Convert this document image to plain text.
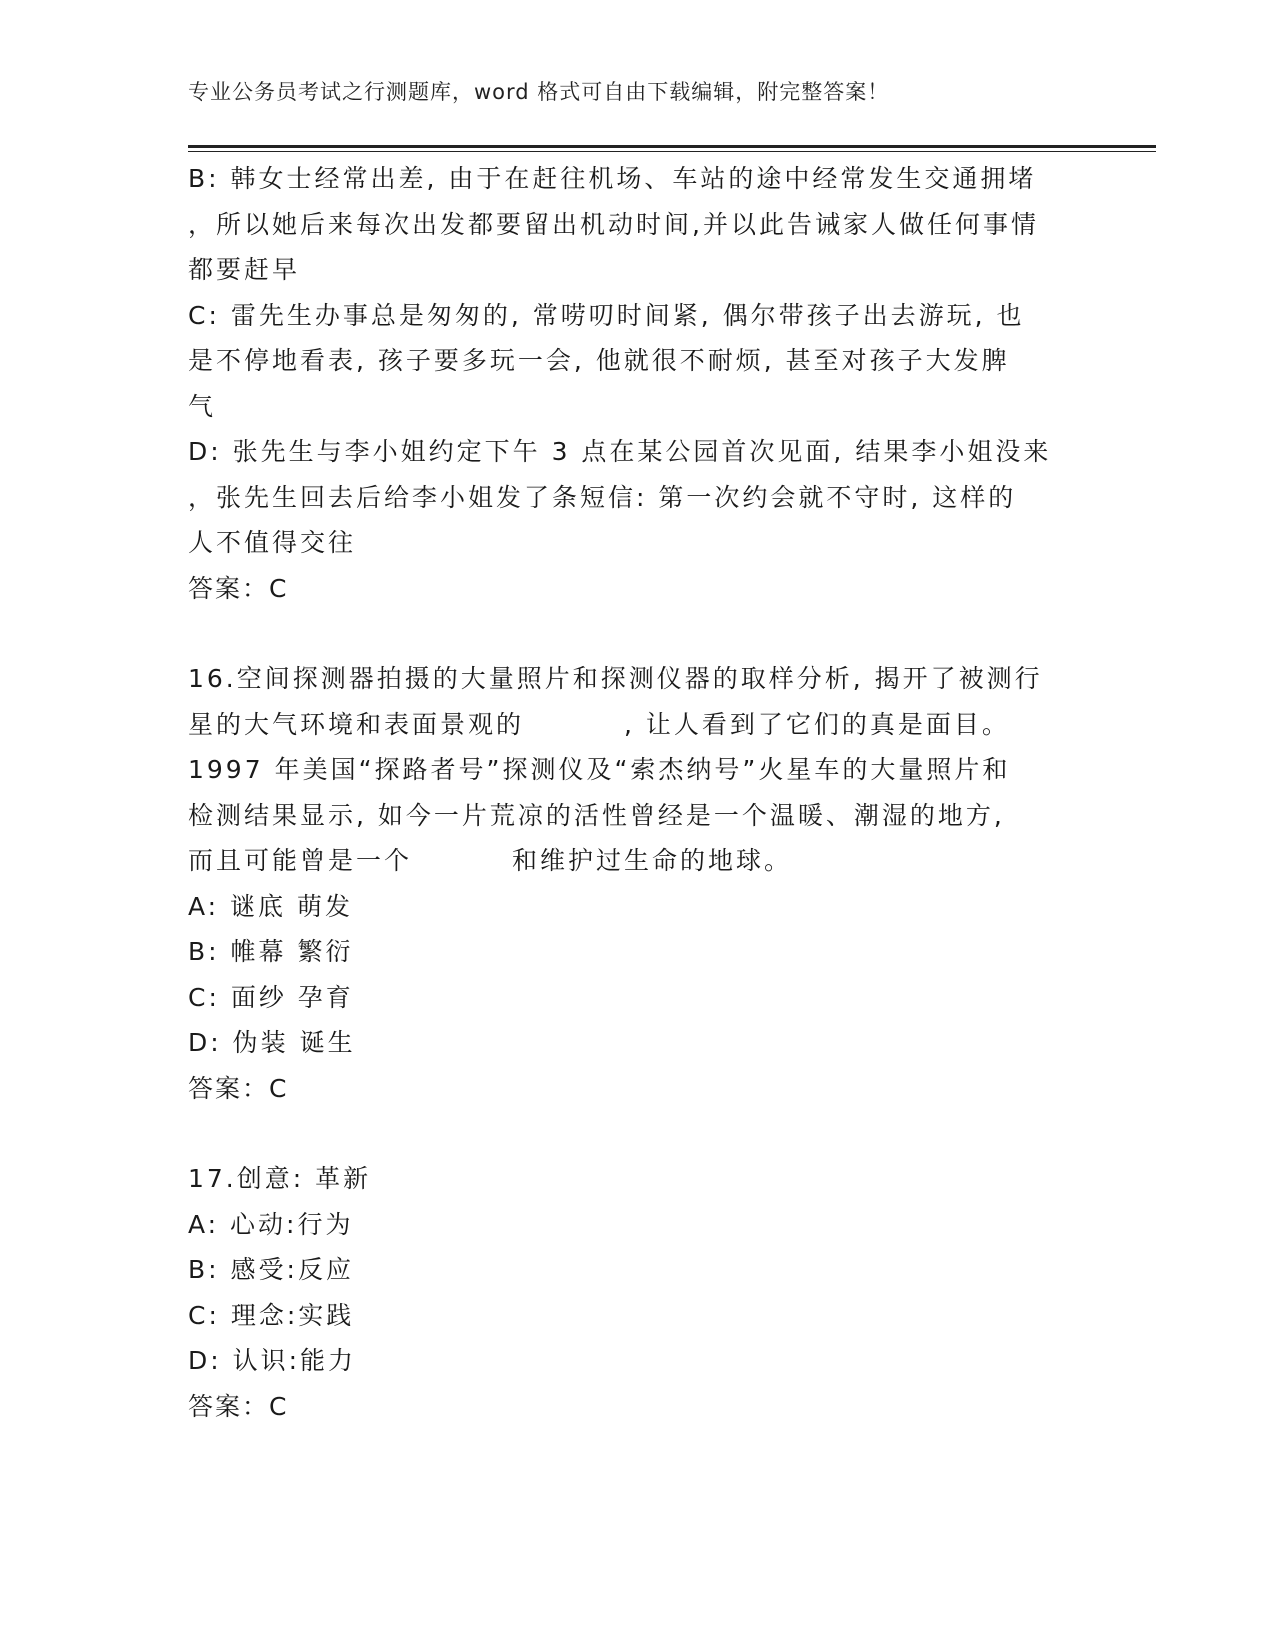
专业公务员考试之行测题库，word 格式可自由下载编辑，附完整答案！
B: 韩女士经常出差, 由于在赶往机场、车站的途中经常发生交通拥堵
，所以她后来每次出发都要留出机动时间,并以此告诫家人做任何事情
都要赶早
C: 雷先生办事总是匆匆的, 常唠叨时间紧, 偶尔带孩子出去游玩, 也
是不停地看表, 孩子要多玩一会, 他就很不耐烦, 甚至对孩子大发脾
气
D: 张先生与李小姐约定下午 3 点在某公园首次见面, 结果李小姐没来
，张先生回去后给李小姐发了条短信: 第一次约会就不守时, 这样的
人不值得交往
答案：C
16.空间探测器拍摄的大量照片和探测仪器的取样分析, 揭开了被测行
星的大气环境和表面景观的	, 让人看到了它们的真是面目。
1997 年美国“探路者号”探测仪及“索杰纳号”火星车的大量照片和
检测结果显示, 如今一片荒凉的活性曾经是一个温暖、潮湿的地方,
而且可能曾是一个	和维护过生命的地球。
A: 谜底 萌发
B: 帷幕 繁衍
C: 面纱 孕育
D: 伪装 诞生
答案：C
17.创意: 革新
A: 心动:行为
B: 感受:反应
C: 理念:实践
D: 认识:能力
答案：C
